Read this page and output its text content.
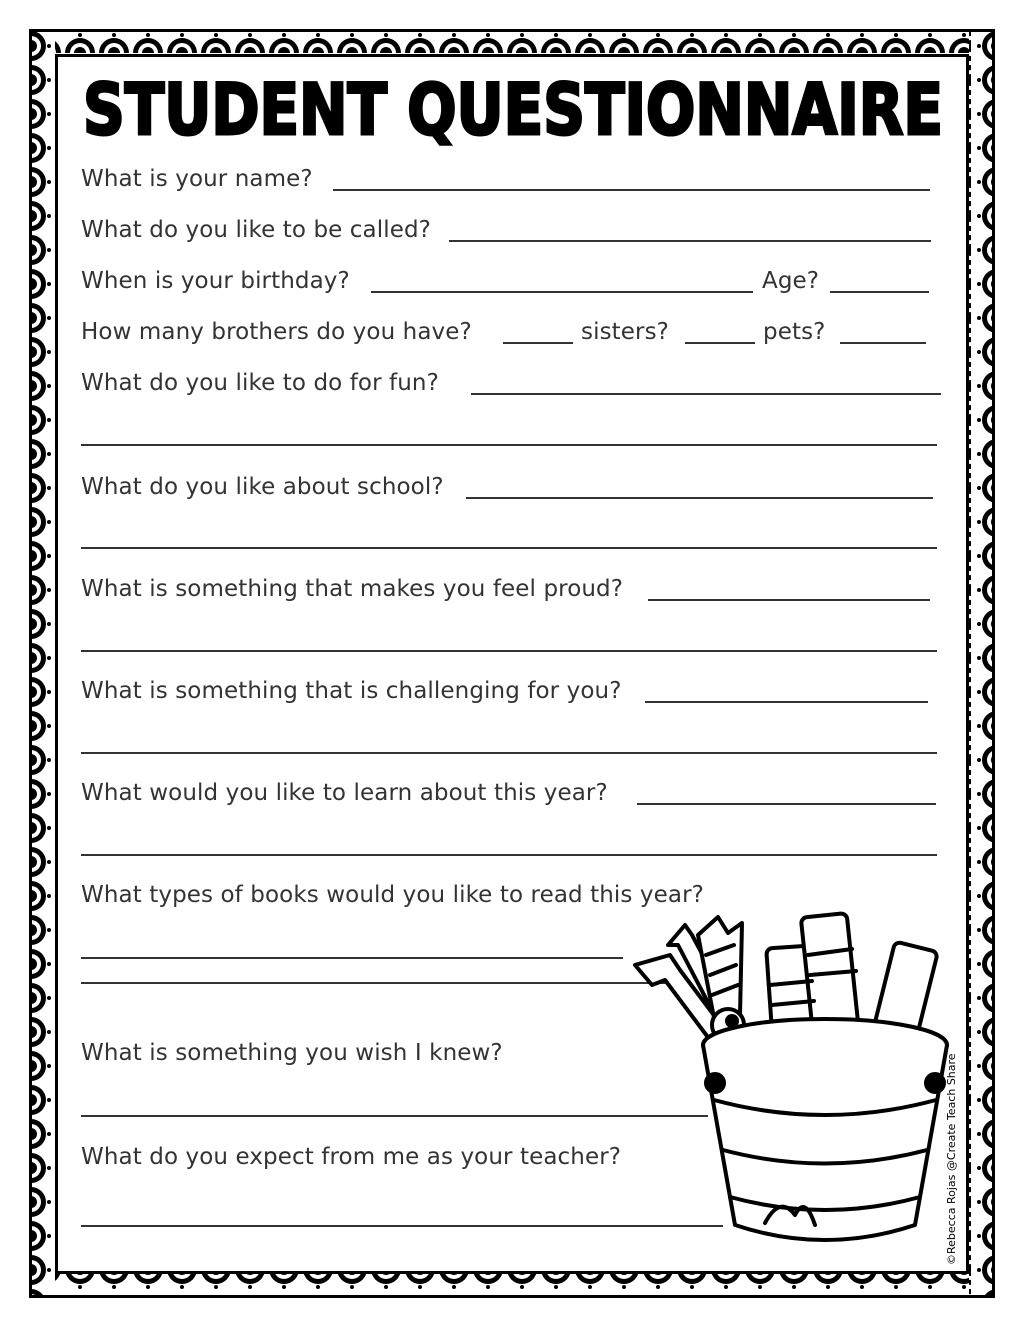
STUDENT QUESTIONNAIRE
What is your name?
What do you like to be called?
When is your birthday?	Age?
How many brothers do you have?	sisters?	pets?
What do you like to do for fun?
What do you like about school?
What is something that makes you feel proud?
What is something that is challenging for you?
What would you like to learn about this year?
What types of books would you like to read this year?
What is something you wish I knew?
What do you expect from me as your teacher?	©Rebecca Rojas @Create Teach Share
